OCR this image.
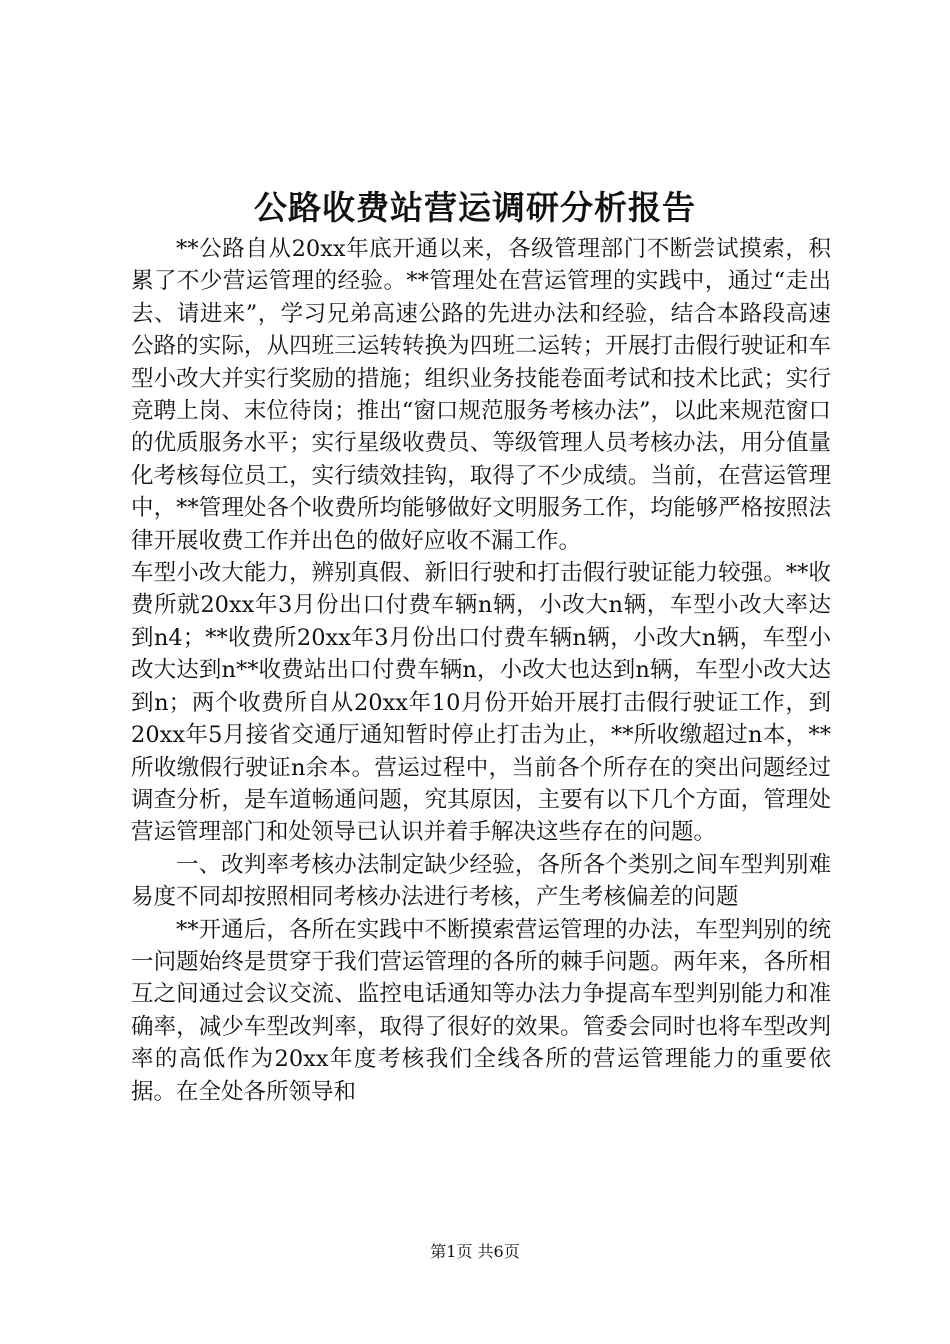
公路收费站营运调研分析报告

**公路自从20xx年底开通以来，各级管理部门不断尝试摸索，积累了不少营运管理的经验。**管理处在营运管理的实践中，通过“走出去、请进来”，学习兄弟高速公路的先进办法和经验，结合本路段高速公路的实际，从四班三运转转换为四班二运转；开展打击假行驶证和车型小改大并实行奖励的措施；组织业务技能卷面考试和技术比武；实行竞聘上岗、末位待岗；推出“窗口规范服务考核办法”，以此来规范窗口的优质服务水平；实行星级收费员、等级管理人员考核办法，用分值量化考核每位员工，实行绩效挂钩，取得了不少成绩。当前，在营运管理中，**管理处各个收费所均能够做好文明服务工作，均能够严格按照法律开展收费工作并出色的做好应收不漏工作。

车型小改大能力，辨别真假、新旧行驶和打击假行驶证能力较强。**收费所就20xx年3月份出口付费车辆n辆，小改大n辆，车型小改大率达到n4；**收费所20xx年3月份出口付费车辆n辆，小改大n辆，车型小改大达到n**收费站出口付费车辆n，小改大也达到n辆，车型小改大达到n；两个收费所自从20xx年10月份开始开展打击假行驶证工作，到20xx年5月接省交通厅通知暂时停止打击为止，**所收缴超过n本，**所收缴假行驶证n余本。营运过程中，当前各个所存在的突出问题经过调查分析，是车道畅通问题，究其原因，主要有以下几个方面，管理处营运管理部门和处领导已认识并着手解决这些存在的问题。

一、改判率考核办法制定缺少经验，各所各个类别之间车型判别难易度不同却按照相同考核办法进行考核，产生考核偏差的问题

**开通后，各所在实践中不断摸索营运管理的办法，车型判别的统一问题始终是贯穿于我们营运管理的各所的棘手问题。两年来，各所相互之间通过会议交流、监控电话通知等办法力争提高车型判别能力和准确率，减少车型改判率，取得了很好的效果。管委会同时也将车型改判率的高低作为20xx年度考核我们全线各所的营运管理能力的重要依据。在全处各所领导和

第1页 共6页
